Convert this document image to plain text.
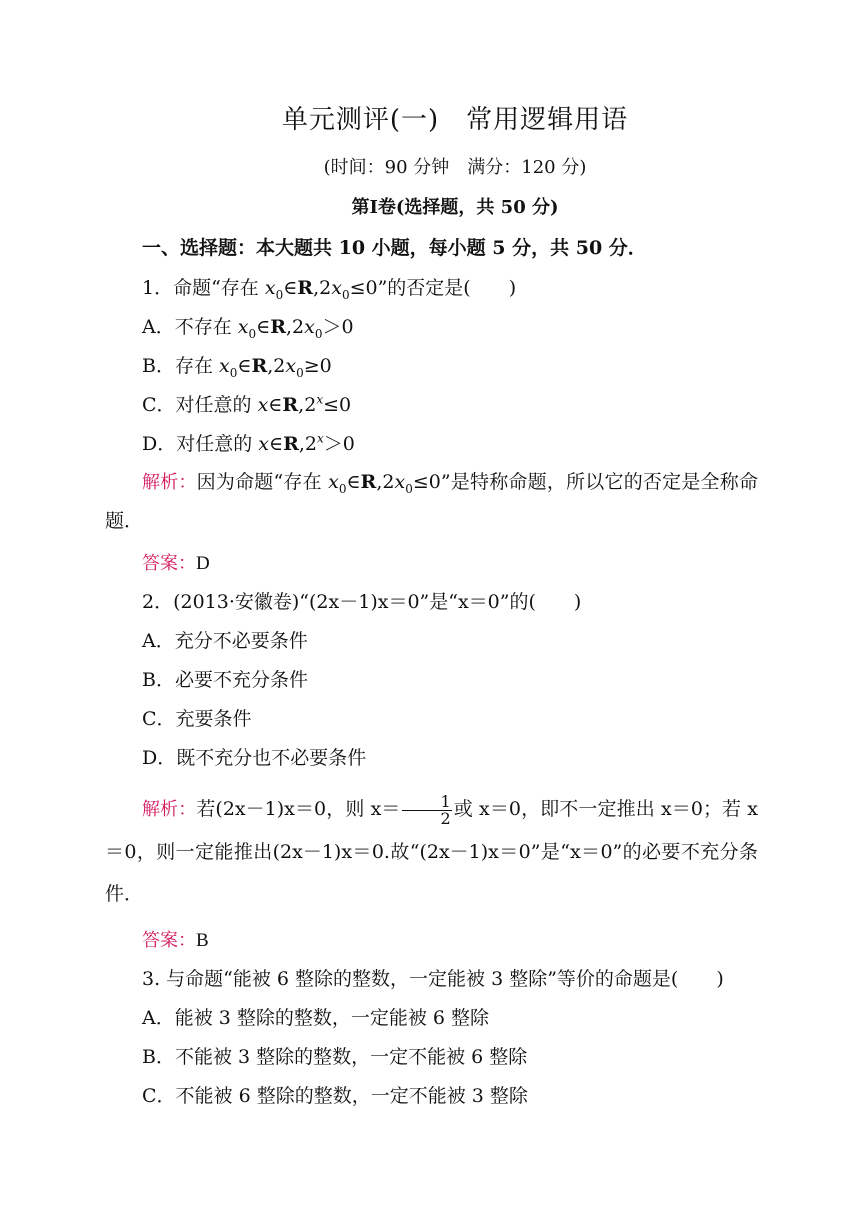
单元测评(一)　常用逻辑用语
(时间：90 分钟　满分：120 分)
第Ⅰ卷(选择题，共 50 分)
一、选择题：本大题共 10 小题，每小题 5 分，共 50 分．
1．命题“存在 $x_0\in R,2x_0\le 0$”的否定是(　　)
A．不存在 $x_0\in R,2x_0>0$
B．存在 $x_0\in R,2x_0\ge 0$
C．对任意的 $x\in R,2^x\le 0$
D．对任意的 $x\in R,2^x>0$
解析：因为命题“存在 $x_0\in R,2x_0\le 0$”是特称命题，所以它的否定是全称命题．
答案：D
2．(2013·安徽卷)“(2x－1)x＝0”是“x＝0”的(　　)
A．充分不必要条件
B．必要不充分条件
C．充要条件
D．既不充分也不必要条件
解析：若(2x－1)x＝0，则 $x= \frac{1}{2}$ 或 x＝0，即不一定推出 x＝0；若 x＝0，则一定能推出(2x－1)x＝0.故“(2x－1)x＝0”是“x＝0”的必要不充分条件．
答案：B
3. 与命题“能被 6 整除的整数，一定能被 3 整除”等价的命题是(　　)
A．能被 3 整除的整数，一定能被 6 整除
B．不能被 3 整除的整数，一定不能被 6 整除
C．不能被 6 整除的整数，一定不能被 3 整除
